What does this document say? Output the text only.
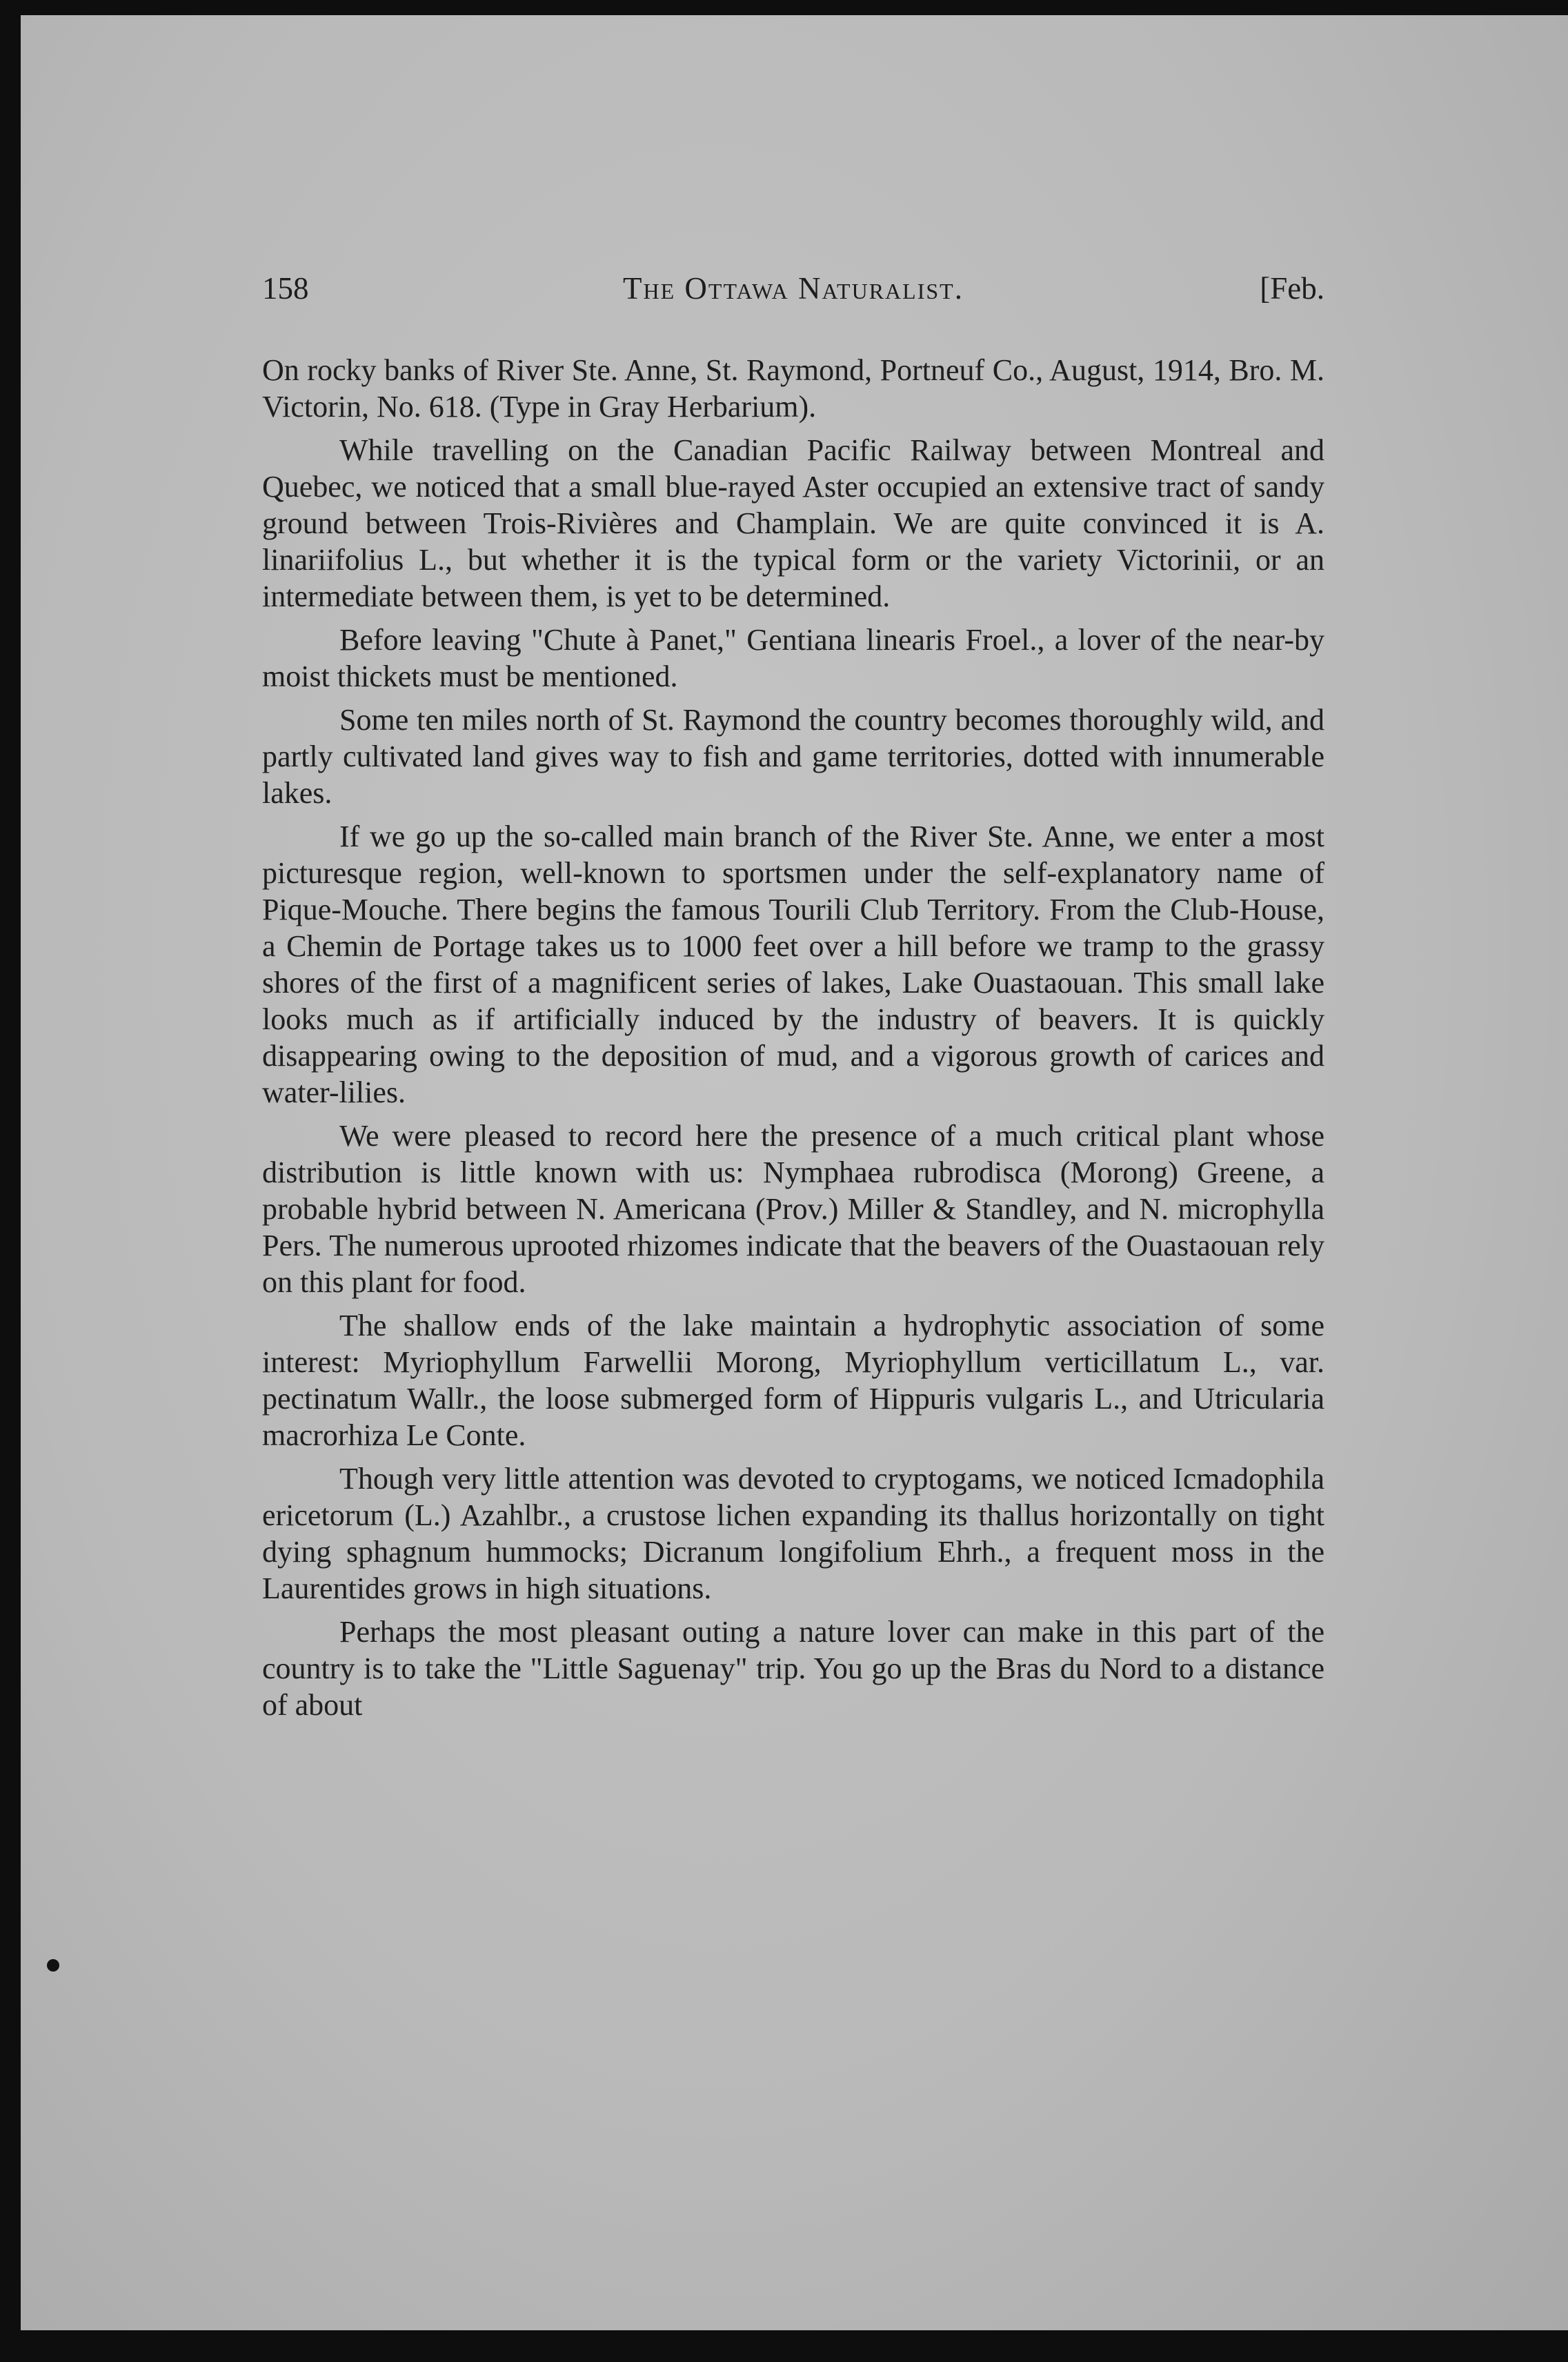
158	The Ottawa Naturalist.	[Feb.

On rocky banks of River Ste. Anne, St. Raymond, Portneuf Co., August, 1914, Bro. M. Victorin, No. 618. (Type in Gray Herbarium).

While travelling on the Canadian Pacific Railway between Montreal and Quebec, we noticed that a small blue-rayed Aster occupied an extensive tract of sandy ground between Trois-Rivières and Champlain. We are quite convinced it is A. linariifolius L., but whether it is the typical form or the variety Victorinii, or an intermediate between them, is yet to be determined.

Before leaving "Chute à Panet," Gentiana linearis Froel., a lover of the near-by moist thickets must be mentioned.

Some ten miles north of St. Raymond the country becomes thoroughly wild, and partly cultivated land gives way to fish and game territories, dotted with innumerable lakes.

If we go up the so-called main branch of the River Ste. Anne, we enter a most picturesque region, well-known to sportsmen under the self-explanatory name of Pique-Mouche. There begins the famous Tourili Club Territory. From the Club-House, a Chemin de Portage takes us to 1000 feet over a hill before we tramp to the grassy shores of the first of a magnificent series of lakes, Lake Ouastaouan. This small lake looks much as if artificially induced by the industry of beavers. It is quickly disappearing owing to the deposition of mud, and a vigorous growth of carices and water-lilies.

We were pleased to record here the presence of a much critical plant whose distribution is little known with us: Nymphaea rubrodisca (Morong) Greene, a probable hybrid between N. Americana (Prov.) Miller & Standley, and N. microphylla Pers. The numerous uprooted rhizomes indicate that the beavers of the Ouastaouan rely on this plant for food.

The shallow ends of the lake maintain a hydrophytic association of some interest: Myriophyllum Farwellii Morong, Myriophyllum verticillatum L., var. pectinatum Wallr., the loose submerged form of Hippuris vulgaris L., and Utricularia macrorhiza Le Conte.

Though very little attention was devoted to cryptogams, we noticed Icmadophila ericetorum (L.) Azahlbr., a crustose lichen expanding its thallus horizontally on tight dying sphagnum hummocks; Dicranum longifolium Ehrh., a frequent moss in the Laurentides grows in high situations.

Perhaps the most pleasant outing a nature lover can make in this part of the country is to take the "Little Saguenay" trip. You go up the Bras du Nord to a distance of about
